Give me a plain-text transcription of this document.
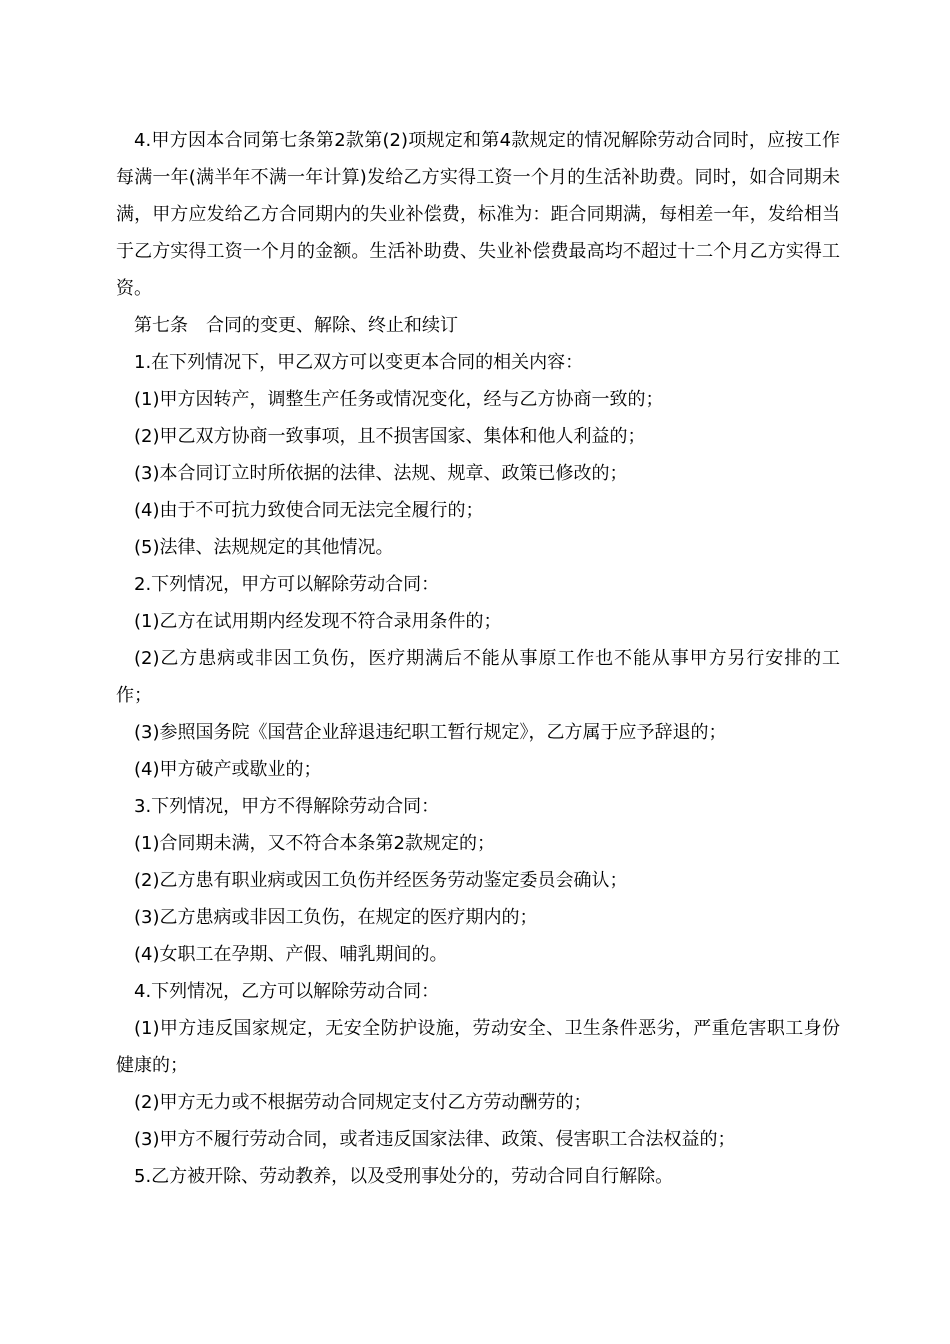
4.甲方因本合同第七条第2款第(2)项规定和第4款规定的情况解除劳动合同时，应按工作每满一年(满半年不满一年计算)发给乙方实得工资一个月的生活补助费。同时，如合同期未满，甲方应发给乙方合同期内的失业补偿费，标准为：距合同期满，每相差一年，发给相当于乙方实得工资一个月的金额。生活补助费、失业补偿费最高均不超过十二个月乙方实得工资。

第七条　合同的变更、解除、终止和续订

1.在下列情况下，甲乙双方可以变更本合同的相关内容：

(1)甲方因转产，调整生产任务或情况变化，经与乙方协商一致的；

(2)甲乙双方协商一致事项，且不损害国家、集体和他人利益的；

(3)本合同订立时所依据的法律、法规、规章、政策已修改的；

(4)由于不可抗力致使合同无法完全履行的；

(5)法律、法规规定的其他情况。

2.下列情况，甲方可以解除劳动合同：

(1)乙方在试用期内经发现不符合录用条件的；

(2)乙方患病或非因工负伤，医疗期满后不能从事原工作也不能从事甲方另行安排的工作；

(3)参照国务院《国营企业辞退违纪职工暂行规定》，乙方属于应予辞退的；

(4)甲方破产或歇业的；

3.下列情况，甲方不得解除劳动合同：

(1)合同期未满，又不符合本条第2款规定的；

(2)乙方患有职业病或因工负伤并经医务劳动鉴定委员会确认；

(3)乙方患病或非因工负伤，在规定的医疗期内的；

(4)女职工在孕期、产假、哺乳期间的。

4.下列情况，乙方可以解除劳动合同：

(1)甲方违反国家规定，无安全防护设施，劳动安全、卫生条件恶劣，严重危害职工身份健康的；

(2)甲方无力或不根据劳动合同规定支付乙方劳动酬劳的；

(3)甲方不履行劳动合同，或者违反国家法律、政策、侵害职工合法权益的；

5.乙方被开除、劳动教养，以及受刑事处分的，劳动合同自行解除。
